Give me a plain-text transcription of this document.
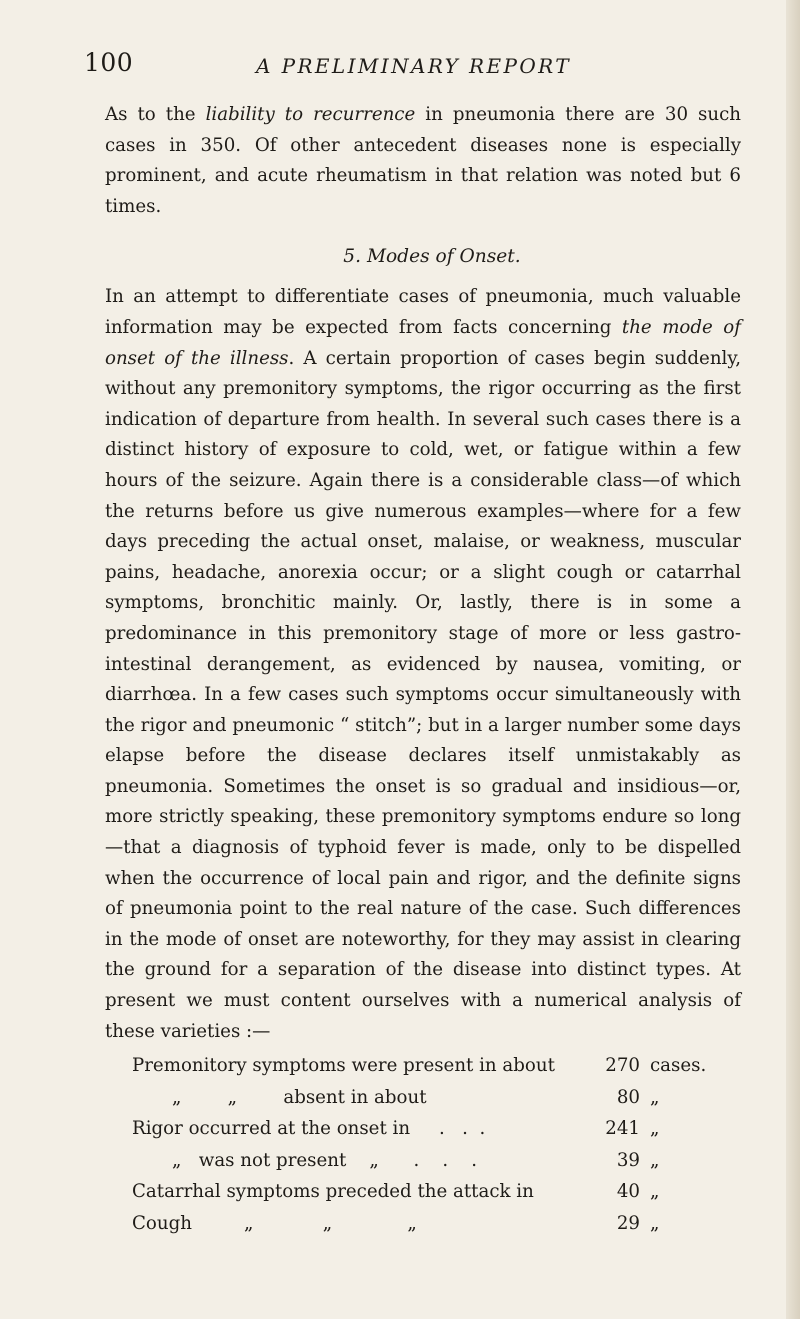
100	A PRELIMINARY REPORT

As to the liability to recurrence in pneumonia there are 30 such cases in 350. Of other antecedent diseases none is especially prominent, and acute rheumatism in that relation was noted but 6 times.

5. Modes of Onset.

In an attempt to differentiate cases of pneumonia, much valuable information may be expected from facts concerning the mode of onset of the illness. A certain proportion of cases begin suddenly, without any premonitory symptoms, the rigor occurring as the first indication of departure from health. In several such cases there is a distinct history of exposure to cold, wet, or fatigue within a few hours of the seizure. Again there is a considerable class—of which the returns before us give numerous examples—where for a few days preceding the actual onset, malaise, or weakness, muscular pains, headache, anorexia occur; or a slight cough or catarrhal symptoms, bronchitic mainly. Or, lastly, there is in some a predominance in this premonitory stage of more or less gastro-intestinal derangement, as evidenced by nausea, vomiting, or diarrhœa. In a few cases such symptoms occur simultaneously with the rigor and pneumonic “ stitch”; but in a larger number some days elapse before the disease declares itself unmistakably as pneumonia. Sometimes the onset is so gradual and insidious—or, more strictly speaking, these premonitory symptoms endure so long—that a diagnosis of typhoid fever is made, only to be dispelled when the occurrence of local pain and rigor, and the definite signs of pneumonia point to the real nature of the case. Such differences in the mode of onset are noteworthy, for they may assist in clearing the ground for a separation of the disease into distinct types. At present we must content ourselves with a numerical analysis of these varieties :—

Premonitory symptoms were present in about	270 cases.
„        „        absent in about	80 „
Rigor occurred at the onset in     .   .  .	241 „
„   was not present    „      .    .    .	39 „
Catarrhal symptoms preceded the attack in	40 „
Cough         „            „             „	29 „
